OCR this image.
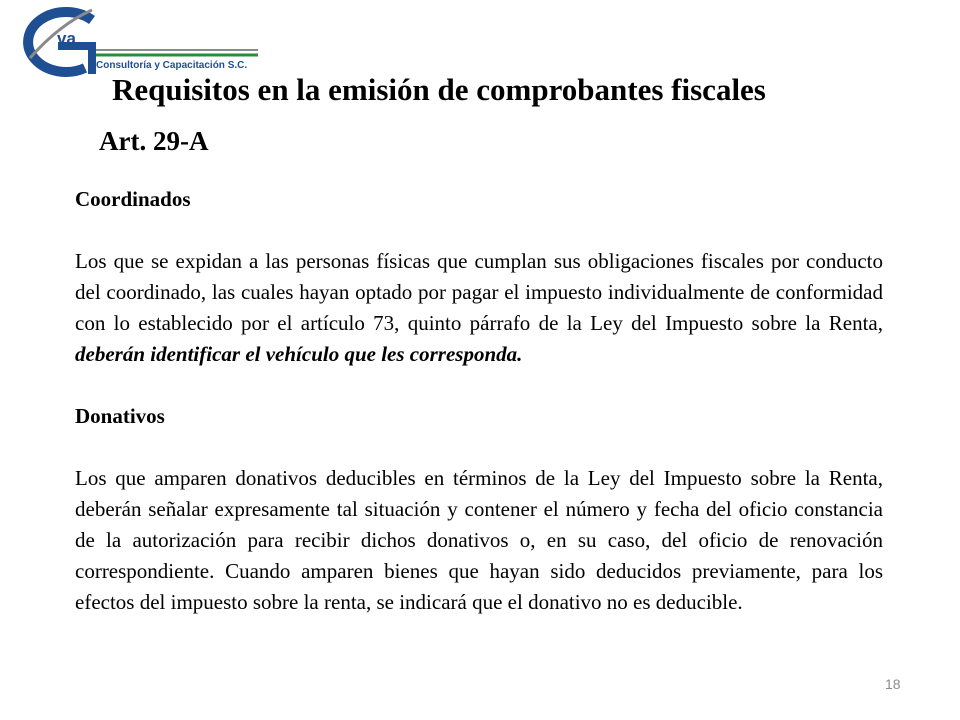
va
Consultoría y Capacitación S.C.
Requisitos en la emisión de comprobantes fiscales
Art. 29-A

Coordinados

Los que se expidan a las personas físicas que cumplan sus obligaciones fiscales por conducto del coordinado, las cuales hayan optado por pagar el impuesto individualmente de conformidad con lo establecido por el artículo 73, quinto párrafo de la Ley del Impuesto sobre la Renta, deberán identificar el vehículo que les corresponda.

Donativos

Los que amparen donativos deducibles en términos de la Ley del Impuesto sobre la Renta, deberán señalar expresamente tal situación y contener el número y fecha del oficio constancia de la autorización para recibir dichos donativos o, en su caso, del oficio de renovación correspondiente. Cuando amparen bienes que hayan sido deducidos previamente, para los efectos del impuesto sobre la renta, se indicará que el donativo no es deducible.

18
